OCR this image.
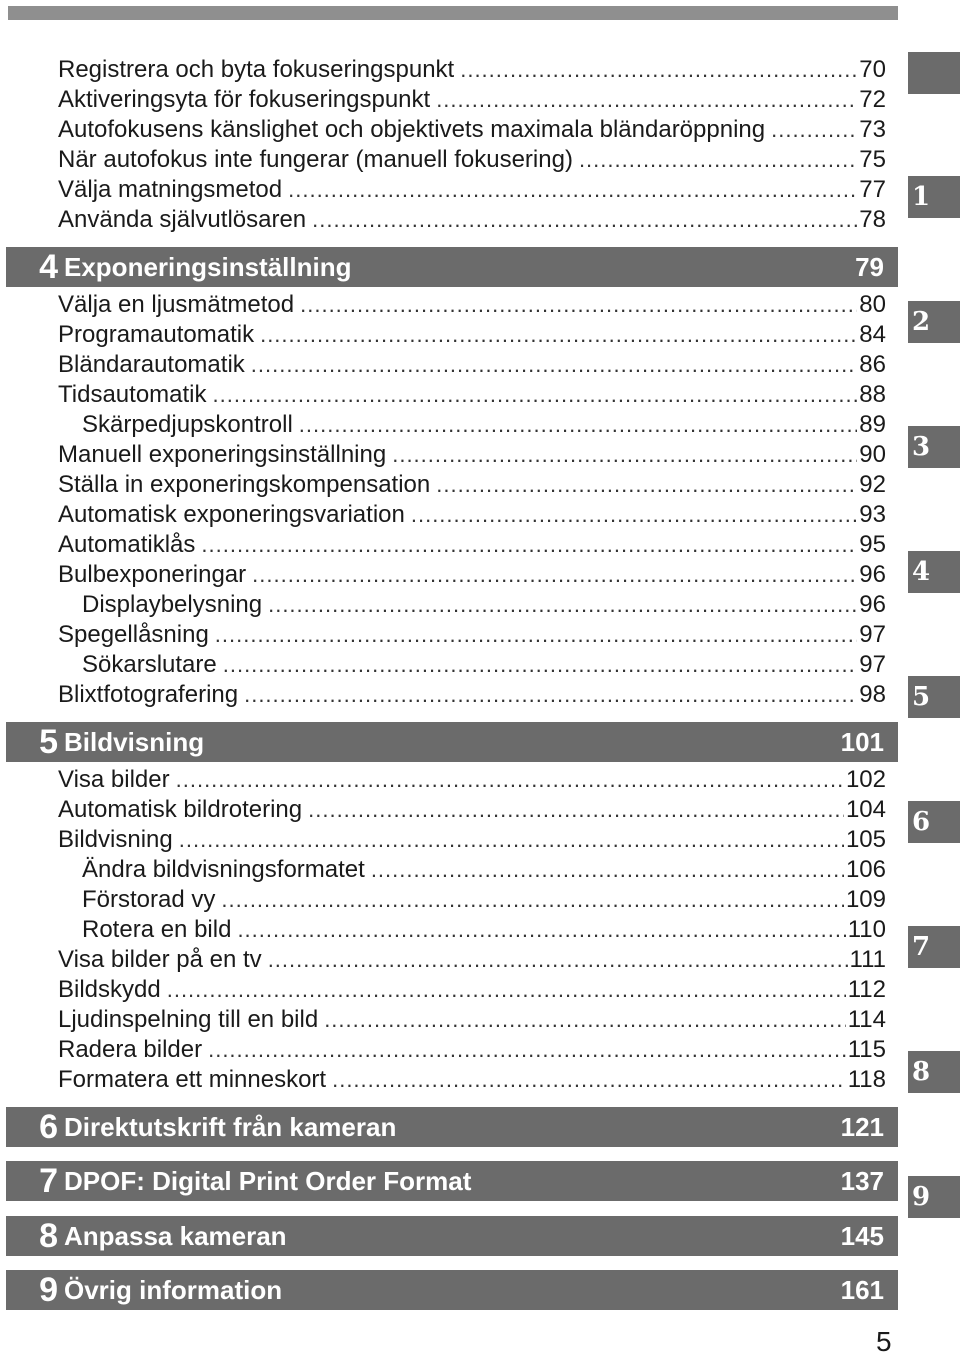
Registrera och byta fokuseringspunkt .....	70
Aktiveringsyta för fokuseringspunkt .....	72
Autofokusens känslighet och objektivets maximala bländaröppning .....	73
När autofokus inte fungerar (manuell fokusering) .....	75
Välja matningsmetod .....	77
Använda självutlösaren .....	78
4 Exponeringsinställning	79
Välja en ljusmätmetod .....	80
Programautomatik .....	84
Bländarautomatik .....	86
Tidsautomatik .....	88
Skärpedjupskontroll .....	89
Manuell exponeringsinställning .....	90
Ställa in exponeringskompensation .....	92
Automatisk exponeringsvariation .....	93
Automatiklås .....	95
Bulbexponeringar .....	96
Displaybelysning .....	96
Spegellåsning .....	97
Sökarslutare .....	97
Blixtfotografering .....	98
5 Bildvisning	101
Visa bilder .....	102
Automatisk bildrotering .....	104
Bildvisning .....	105
Ändra bildvisningsformatet .....	106
Förstorad vy .....	109
Rotera en bild .....	110
Visa bilder på en tv .....	111
Bildskydd .....	112
Ljudinspelning till en bild .....	114
Radera bilder .....	115
Formatera ett minneskort .....	118
6 Direktutskrift från kameran	121
7 DPOF: Digital Print Order Format	137
8 Anpassa kameran	145
9 Övrig information	161
1
2
3
4
5
6
7
8
9
5
